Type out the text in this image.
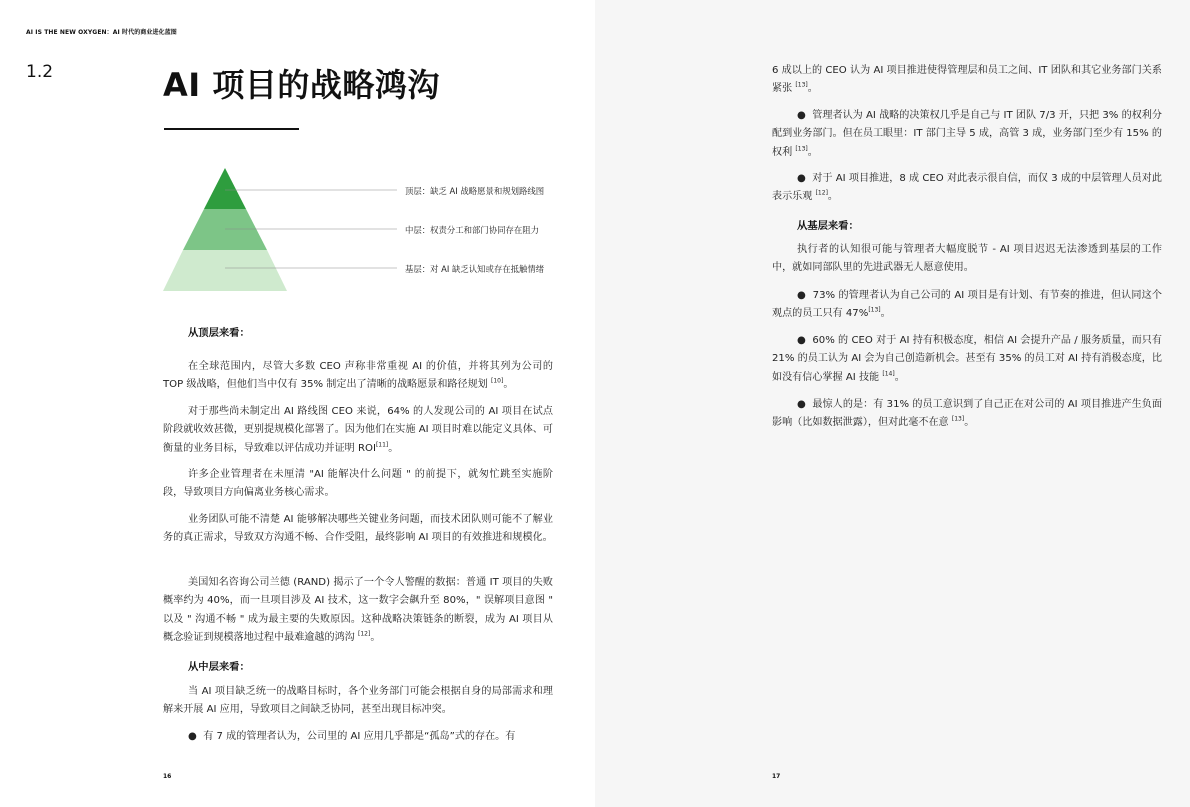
AI IS THE NEW OXYGEN：AI 时代的商业进化蓝图
1.2	AI 项目的战略鸿沟
顶层：缺乏 AI 战略愿景和规划路线图
中层：权责分工和部门协同存在阻力
基层：对 AI 缺乏认知或存在抵触情绪
从顶层来看：
在全球范围内，尽管大多数 CEO 声称非常重视 AI 的价值，并将其列为公司的 TOP 级战略，但他们当中仅有 35% 制定出了清晰的战略愿景和路径规划 [10]。
对于那些尚未制定出 AI 路线图 CEO 来说，64% 的人发现公司的 AI 项目在试点阶段就收效甚微，更别提规模化部署了。因为他们在实施 AI 项目时难以能定义具体、可衡量的业务目标，导致难以评估成功并证明 ROI[11]。
许多企业管理者在未厘清 "AI 能解决什么问题 " 的前提下，就匆忙跳至实施阶段，导致项目方向偏离业务核心需求。
业务团队可能不清楚 AI 能够解决哪些关键业务问题，而技术团队则可能不了解业务的真正需求，导致双方沟通不畅、合作受阻，最终影响 AI 项目的有效推进和规模化。
美国知名咨询公司兰德 (RAND) 揭示了一个令人警醒的数据：普通 IT 项目的失败概率约为 40%，而一旦项目涉及 AI 技术，这一数字会飙升至 80%，" 误解项目意图 " 以及 " 沟通不畅 " 成为最主要的失败原因。这种战略决策链条的断裂，成为 AI 项目从概念验证到规模落地过程中最难逾越的鸿沟 [12]。
从中层来看：
当 AI 项目缺乏统一的战略目标时，各个业务部门可能会根据自身的局部需求和理解来开展 AI 应用，导致项目之间缺乏协同，甚至出现目标冲突。
● 有 7 成的管理者认为，公司里的 AI 应用几乎都是“孤岛”式的存在。有
16
6 成以上的 CEO 认为 AI 项目推进使得管理层和员工之间、IT 团队和其它业务部门关系紧张 [13]。
● 管理者认为 AI 战略的决策权几乎是自己与 IT 团队 7/3 开，只把 3% 的权利分配到业务部门。但在员工眼里：IT 部门主导 5 成，高管 3 成，业务部门至少有 15% 的权利 [13]。
● 对于 AI 项目推进，8 成 CEO 对此表示很自信，而仅 3 成的中层管理人员对此表示乐观 [12]。
从基层来看：
执行者的认知很可能与管理者大幅度脱节 - AI 项目迟迟无法渗透到基层的工作中，就如同部队里的先进武器无人愿意使用。
● 73% 的管理者认为自己公司的 AI 项目是有计划、有节奏的推进，但认同这个观点的员工只有 47%[13]。
● 60% 的 CEO 对于 AI 持有积极态度，相信 AI 会提升产品 / 服务质量，而只有 21% 的员工认为 AI 会为自己创造新机会。甚至有 35% 的员工对 AI 持有消极态度，比如没有信心掌握 AI 技能 [14]。
● 最惊人的是：有 31% 的员工意识到了自己正在对公司的 AI 项目推进产生负面影响（比如数据泄露），但对此毫不在意 [13]。
17
